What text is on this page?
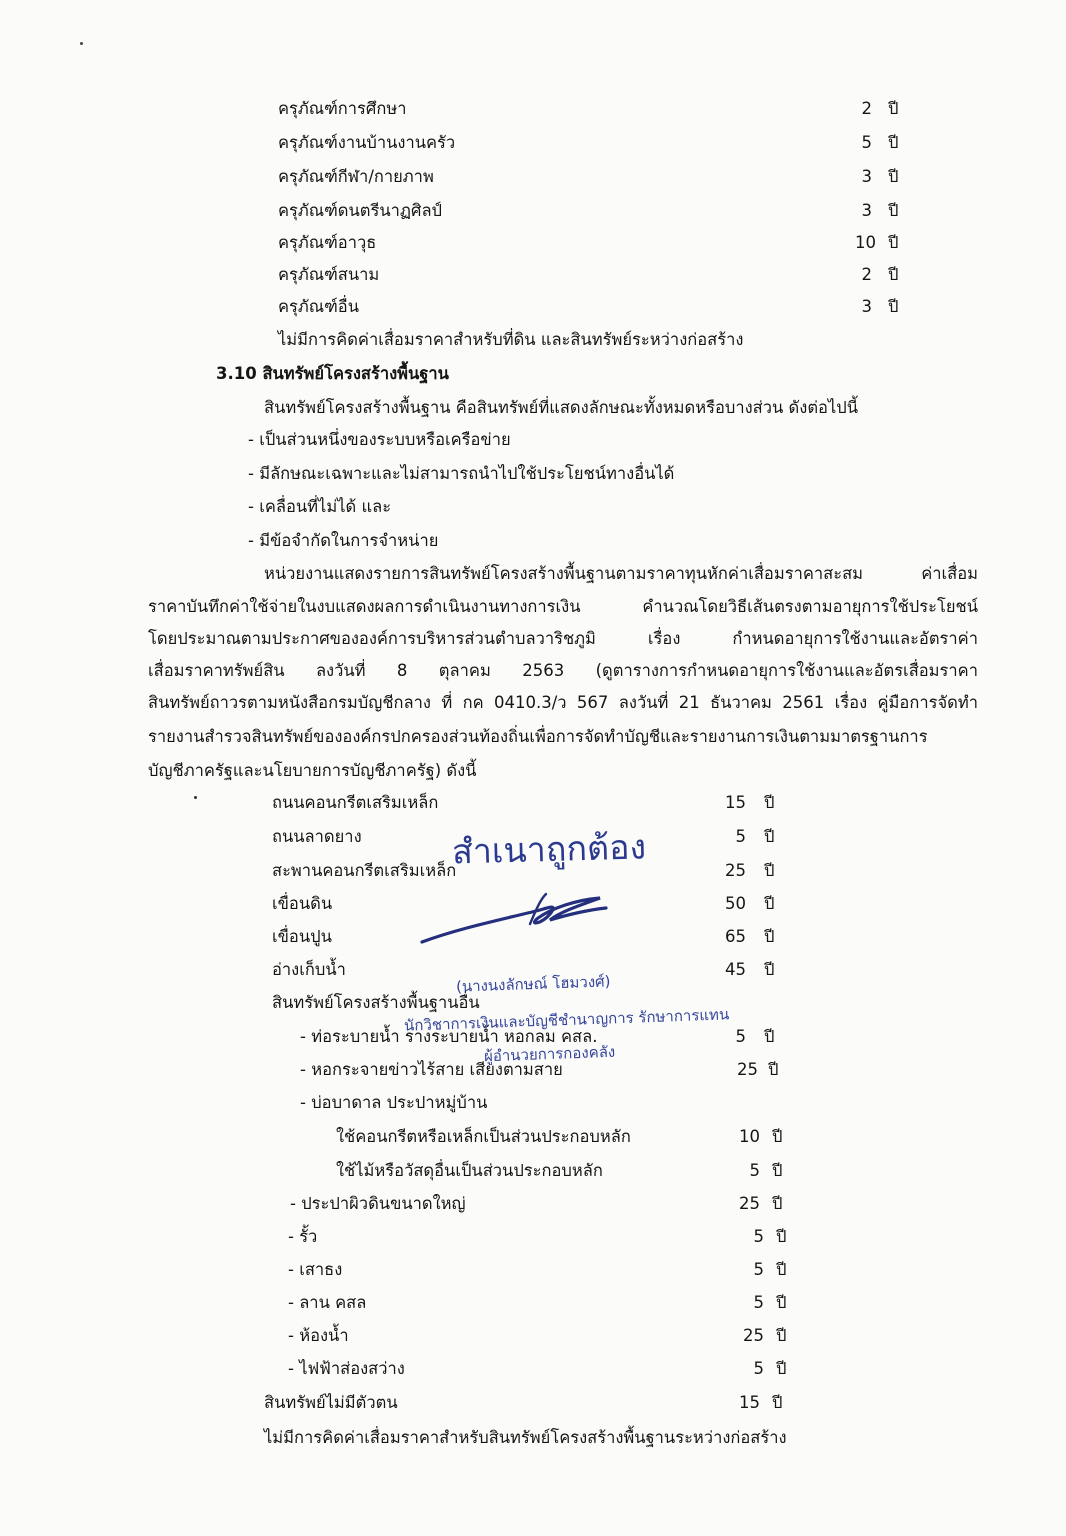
ครุภัณฑ์การศึกษา	2 ปี
ครุภัณฑ์งานบ้านงานครัว	5 ปี
ครุภัณฑ์กีฬา/กายภาพ	3 ปี
ครุภัณฑ์ดนตรีนาฏศิลป์	3 ปี
ครุภัณฑ์อาวุธ	10 ปี
ครุภัณฑ์สนาม	2 ปี
ครุภัณฑ์อื่น	3 ปี
ไม่มีการคิดค่าเสื่อมราคาสำหรับที่ดิน และสินทรัพย์ระหว่างก่อสร้าง
3.10 สินทรัพย์โครงสร้างพื้นฐาน
สินทรัพย์โครงสร้างพื้นฐาน คือสินทรัพย์ที่แสดงลักษณะทั้งหมดหรือบางส่วน ดังต่อไปนี้
- เป็นส่วนหนึ่งของระบบหรือเครือข่าย
- มีลักษณะเฉพาะและไม่สามารถนำไปใช้ประโยชน์ทางอื่นได้
- เคลื่อนที่ไม่ได้ และ
- มีข้อจำกัดในการจำหน่าย
หน่วยงานแสดงรายการสินทรัพย์โครงสร้างพื้นฐานตามราคาทุนหักค่าเสื่อมราคาสะสม ค่าเสื่อม
ราคาบันทึกค่าใช้จ่ายในงบแสดงผลการดำเนินงานทางการเงิน คำนวณโดยวิธีเส้นตรงตามอายุการใช้ประโยชน์
โดยประมาณตามประกาศขององค์การบริหารส่วนตำบลวาริชภูมิ เรื่อง กำหนดอายุการใช้งานและอัตราค่า
เสื่อมราคาทรัพย์สิน ลงวันที่ 8 ตุลาคม 2563 (ดูตารางการกำหนดอายุการใช้งานและอัตรเสื่อมราคา
สินทรัพย์ถาวรตามหนังสือกรมบัญชีกลาง ที่ กค 0410.3/ว 567 ลงวันที่ 21 ธันวาคม 2561 เรื่อง คู่มือการจัดทำ
รายงานสำรวจสินทรัพย์ขององค์กรปกครองส่วนท้องถิ่นเพื่อการจัดทำบัญชีและรายงานการเงินตามมาตรฐานการ
บัญชีภาครัฐและนโยบายการบัญชีภาครัฐ) ดังนี้
ถนนคอนกรีตเสริมเหล็ก	15 ปี
ถนนลาดยาง	5 ปี
สะพานคอนกรีตเสริมเหล็ก	25 ปี
เขื่อนดิน	50 ปี
เขื่อนปูน	65 ปี
อ่างเก็บน้ำ	45 ปี
สินทรัพย์โครงสร้างพื้นฐานอื่น
- ท่อระบายน้ำ รางระบายน้ำ หอกลม คสล.	5 ปี
- หอกระจายข่าวไร้สาย เสียงตามสาย	25 ปี
- บ่อบาดาล ประปาหมู่บ้าน
ใช้คอนกรีตหรือเหล็กเป็นส่วนประกอบหลัก	10 ปี
ใช้ไม้หรือวัสดุอื่นเป็นส่วนประกอบหลัก	5 ปี
- ประปาผิวดินขนาดใหญ่	25 ปี
- รั้ว	5 ปี
- เสาธง	5 ปี
- ลาน คสล	5 ปี
- ห้องน้ำ	25 ปี
- ไฟฟ้าส่องสว่าง	5 ปี
สินทรัพย์ไม่มีตัวตน	15 ปี
ไม่มีการคิดค่าเสื่อมราคาสำหรับสินทรัพย์โครงสร้างพื้นฐานระหว่างก่อสร้าง
สำเนาถูกต้อง
(นางนงลักษณ์ โฮมวงศ์)
นักวิชาการเงินและบัญชีชำนาญการ รักษาการแทน
ผู้อำนวยการกองคลัง
